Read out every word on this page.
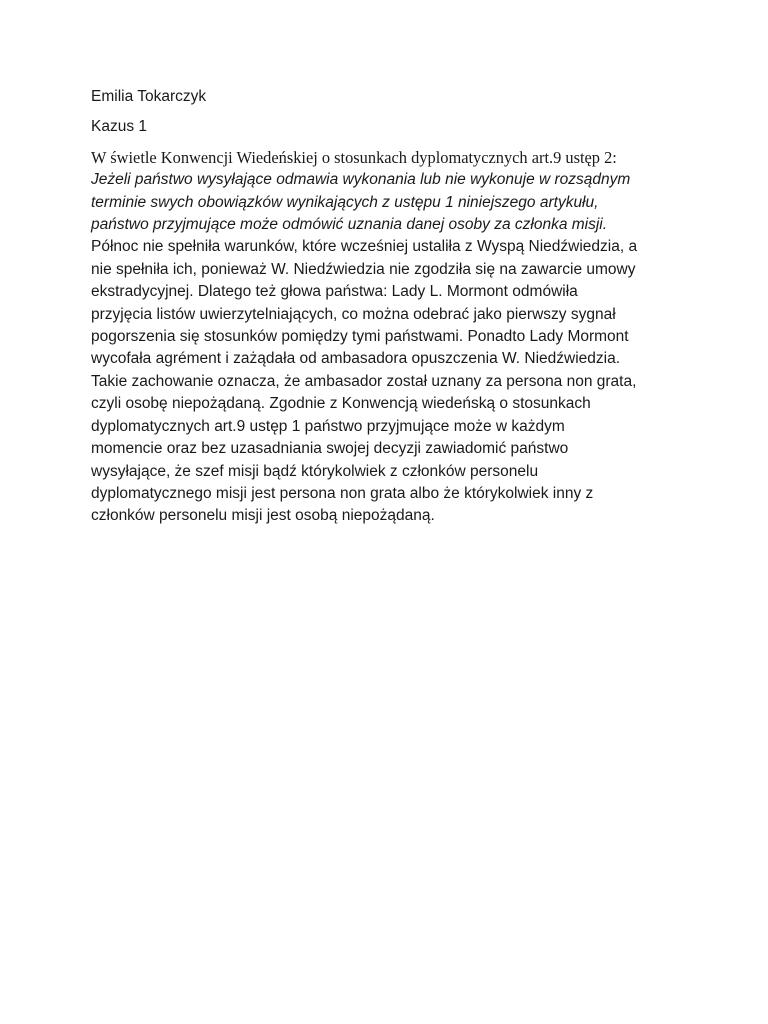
Emilia Tokarczyk

Kazus 1

W świetle Konwencji Wiedeńskiej o stosunkach dyplomatycznych art.9 ustęp 2:
Jeżeli państwo wysyłające odmawia wykonania lub nie wykonuje w rozsądnym
terminie swych obowiązków wynikających z ustępu 1 niniejszego artykułu,
państwo przyjmujące może odmówić uznania danej osoby za członka misji.
Północ nie spełniła warunków, które wcześniej ustaliła z Wyspą Niedźwiedzia, a
nie spełniła ich, ponieważ W. Niedźwiedzia nie zgodziła się na zawarcie umowy
ekstradycyjnej. Dlatego też głowa państwa: Lady L. Mormont odmówiła
przyjęcia listów uwierzytelniających, co można odebrać jako pierwszy sygnał
pogorszenia się stosunków pomiędzy tymi państwami. Ponadto Lady Mormont
wycofała agrément i zażądała od ambasadora opuszczenia W. Niedźwiedzia.
Takie zachowanie oznacza, że ambasador został uznany za persona non grata,
czyli osobę niepożądaną. Zgodnie z Konwencją wiedeńską o stosunkach
dyplomatycznych art.9 ustęp 1 państwo przyjmujące może w każdym
momencie oraz bez uzasadniania swojej decyzji zawiadomić państwo
wysyłające, że szef misji bądź którykolwiek z członków personelu
dyplomatycznego misji jest persona non grata albo że którykolwiek inny z
członków personelu misji jest osobą niepożądaną.
